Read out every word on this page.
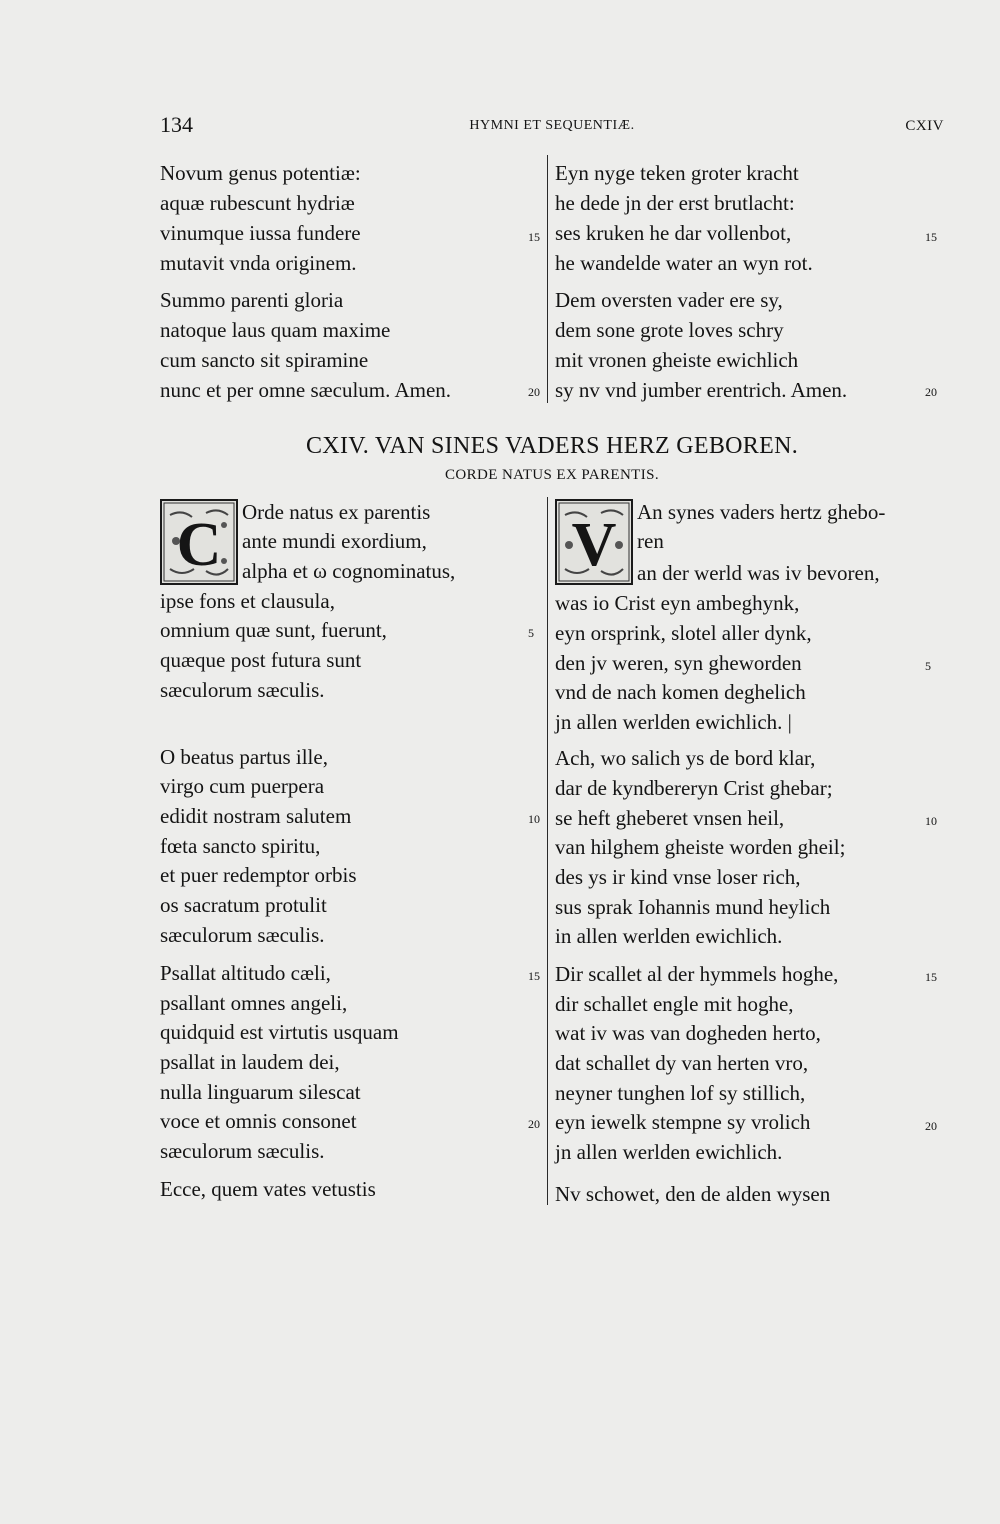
134	HYMNI ET SEQUENTIÆ.	CXIV
Novum genus potentiæ:
aquæ rubescunt hydriæ
vinumque iussa fundere
mutavit vnda originem.
Summo parenti gloria
natoque laus quam maxime
cum sancto sit spiramine
nunc et per omne sæculum. Amen.
15
20
Eyn nyge teken groter kracht
he dede jn der erst brutlacht:
ses kruken he dar vollenbot,
he wandelde water an wyn rot.
Dem oversten vader ere sy,
dem sone grote loves schry
mit vronen gheiste ewichlich
sy nv vnd jumber erentrich. Amen.
15
20
CXIV. VAN SINES VADERS HERZ GEBOREN.
CORDE NATUS EX PARENTIS.
C	V
Orde natus ex parentis
ante mundi exordium,
alpha et ω cognominatus,
ipse fons et clausula,
omnium quæ sunt, fuerunt,
quæque post futura sunt
sæculorum sæculis.
O beatus partus ille,
virgo cum puerpera
edidit nostram salutem
fœta sancto spiritu,
et puer redemptor orbis
os sacratum protulit
sæculorum sæculis.
Psallat altitudo cæli,
psallant omnes angeli,
quidquid est virtutis usquam
psallat in laudem dei,
nulla linguarum silescat
voce et omnis consonet
sæculorum sæculis.
Ecce, quem vates vetustis
5
10
15
20
An synes vaders hertz ghebo-
ren
an der werld was iv bevoren,
was io Crist eyn ambeghynk,
eyn orsprink, slotel aller dynk,
den jv weren, syn gheworden
vnd de nach komen deghelich
jn allen werlden ewichlich. |
Ach, wo salich ys de bord klar,
dar de kyndbereryn Crist ghebar;
se heft gheberet vnsen heil,
van hilghem gheiste worden gheil;
des ys ir kind vnse loser rich,
sus sprak Iohannis mund heylich
in allen werlden ewichlich.
Dir scallet al der hymmels hoghe,
dir schallet engle mit hoghe,
wat iv was van dogheden herto,
dat schallet dy van herten vro,
neyner tunghen lof sy stillich,
eyn iewelk stempne sy vrolich
jn allen werlden ewichlich.
Nv schowet, den de alden wysen
5
10
15
20
